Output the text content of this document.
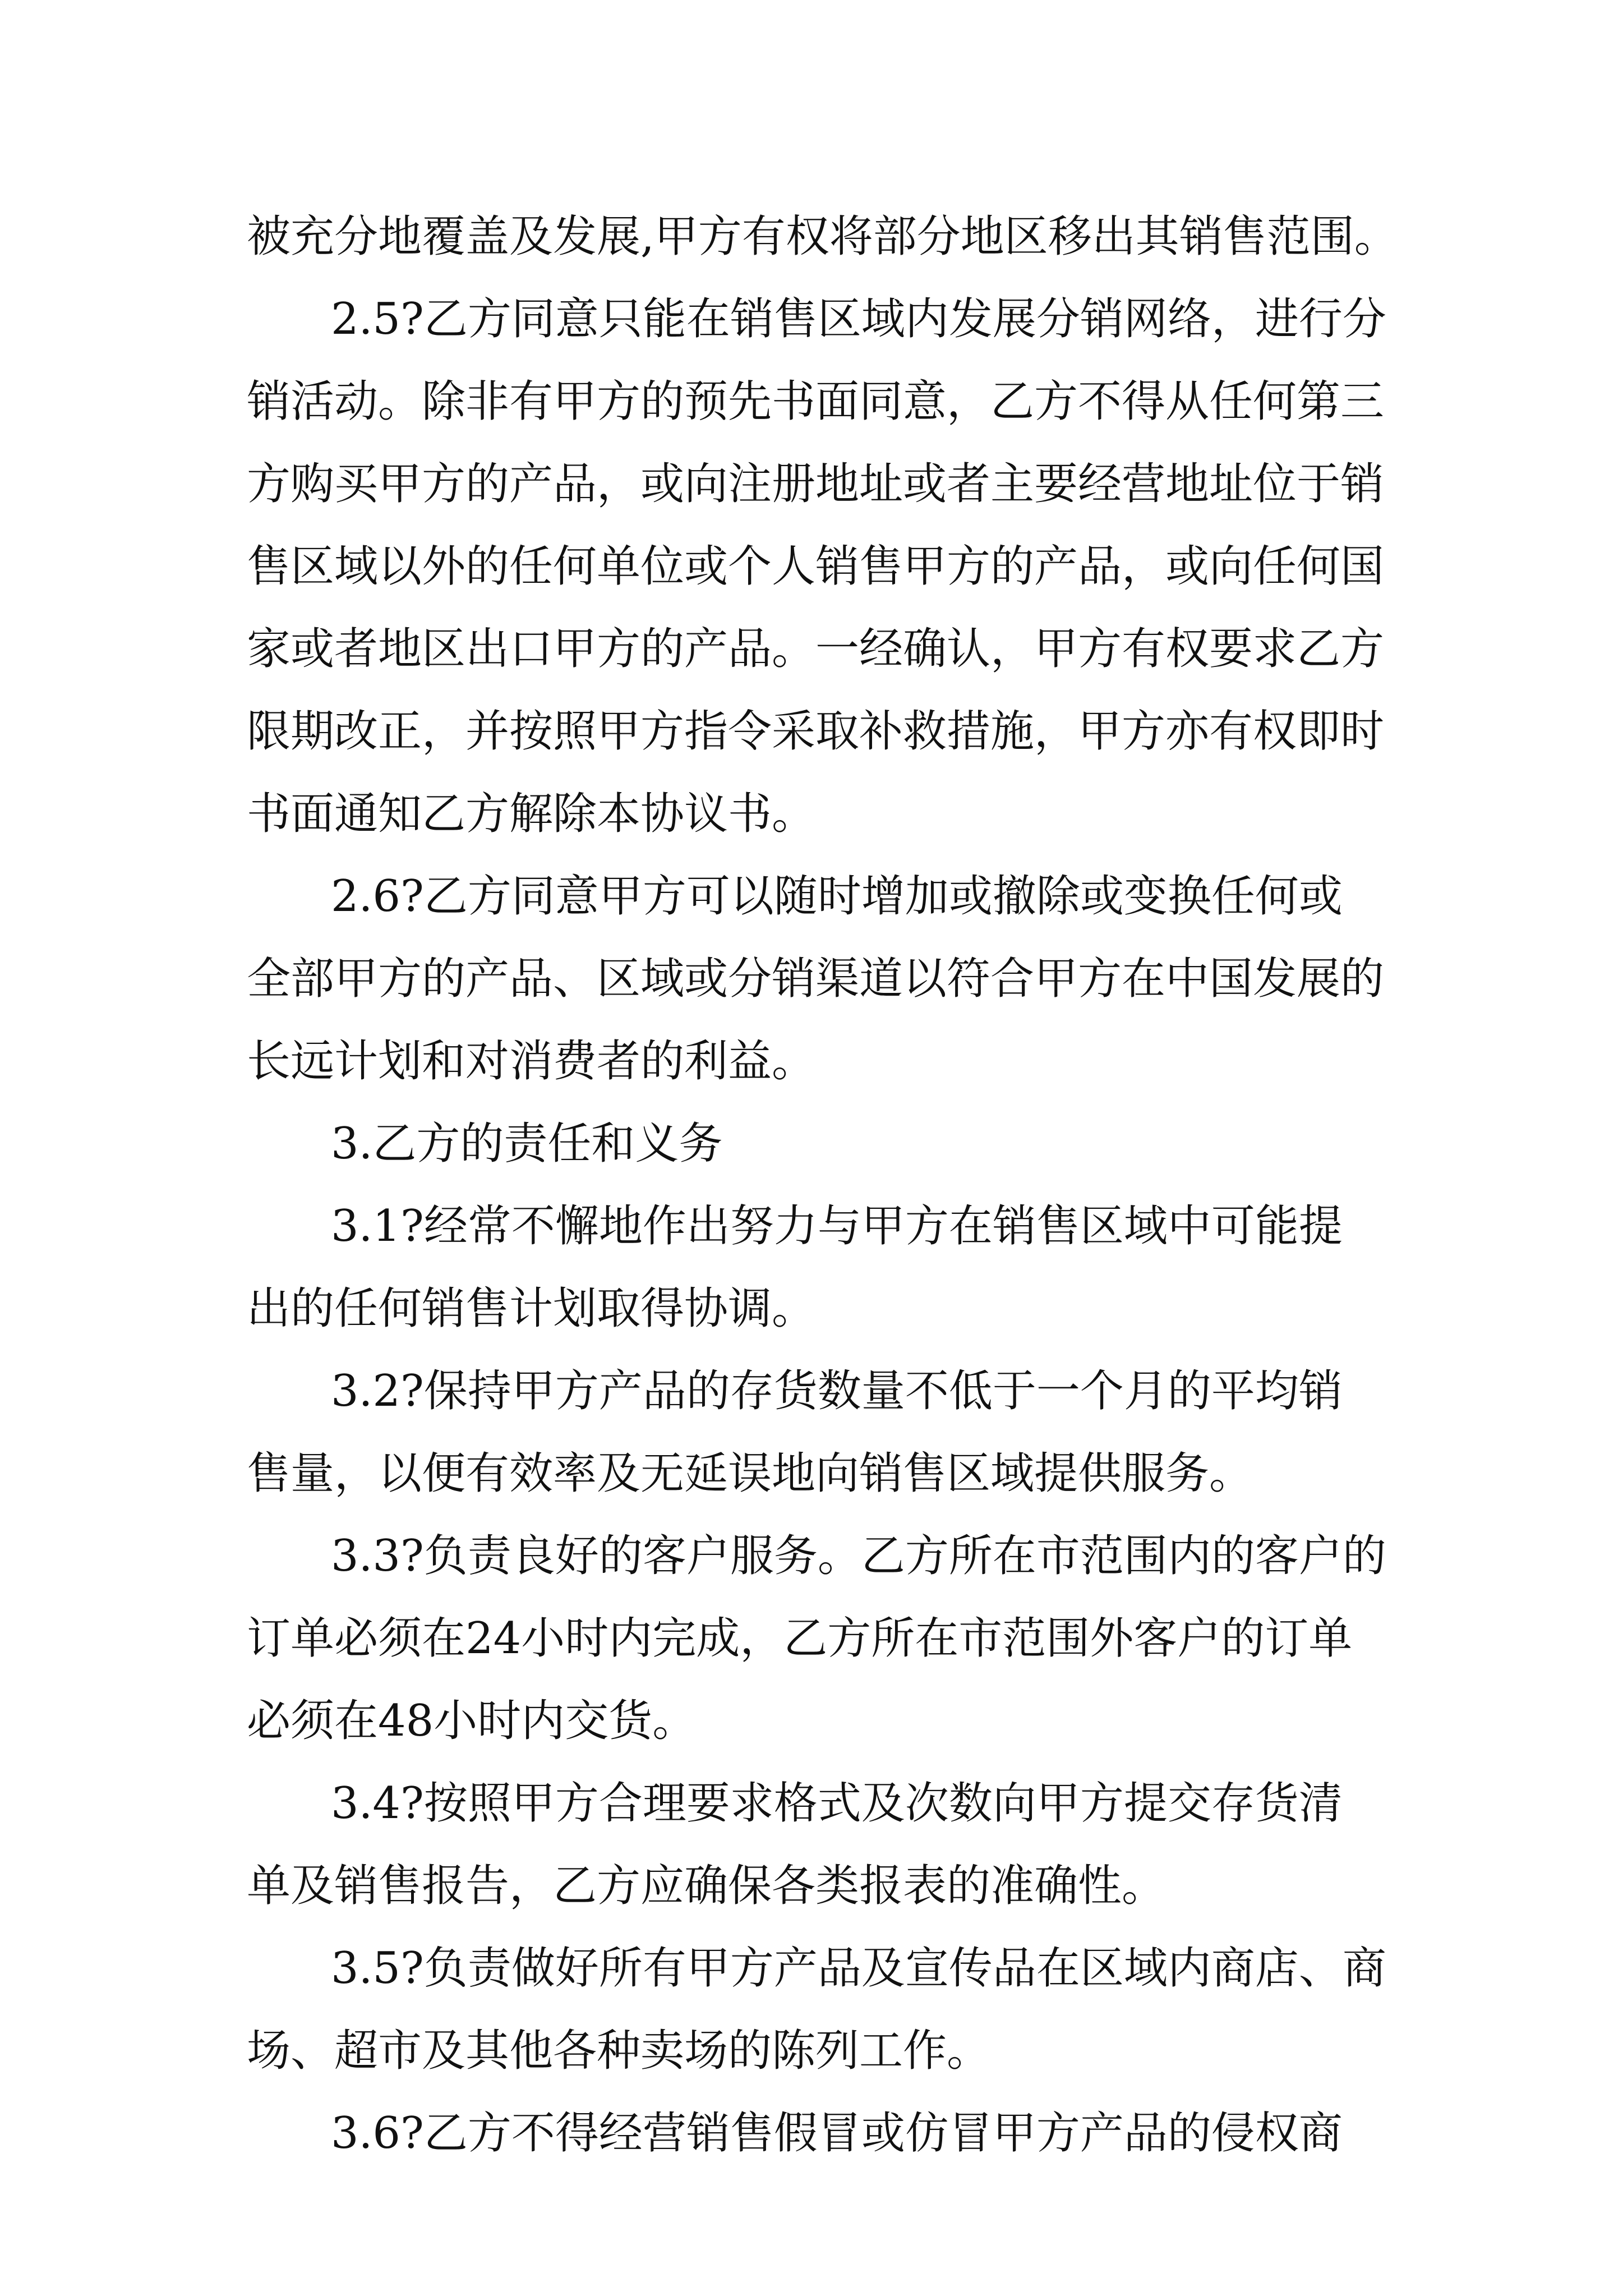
被充分地覆盖及发展,甲方有权将部分地区移出其销售范围。

2.5?乙方同意只能在销售区域内发展分销网络，进行分

销活动。除非有甲方的预先书面同意，乙方不得从任何第三

方购买甲方的产品，或向注册地址或者主要经营地址位于销

售区域以外的任何单位或个人销售甲方的产品，或向任何国

家或者地区出口甲方的产品。一经确认，甲方有权要求乙方

限期改正，并按照甲方指令采取补救措施，甲方亦有权即时

书面通知乙方解除本协议书。

2.6?乙方同意甲方可以随时增加或撤除或变换任何或

全部甲方的产品、区域或分销渠道以符合甲方在中国发展的

长远计划和对消费者的利益。

3.乙方的责任和义务

3.1?经常不懈地作出努力与甲方在销售区域中可能提

出的任何销售计划取得协调。

3.2?保持甲方产品的存货数量不低于一个月的平均销

售量，以便有效率及无延误地向销售区域提供服务。

3.3?负责良好的客户服务。乙方所在市范围内的客户的

订单必须在24小时内完成，乙方所在市范围外客户的订单

必须在48小时内交货。

3.4?按照甲方合理要求格式及次数向甲方提交存货清

单及销售报告，乙方应确保各类报表的准确性。

3.5?负责做好所有甲方产品及宣传品在区域内商店、商

场、超市及其他各种卖场的陈列工作。

3.6?乙方不得经营销售假冒或仿冒甲方产品的侵权商
